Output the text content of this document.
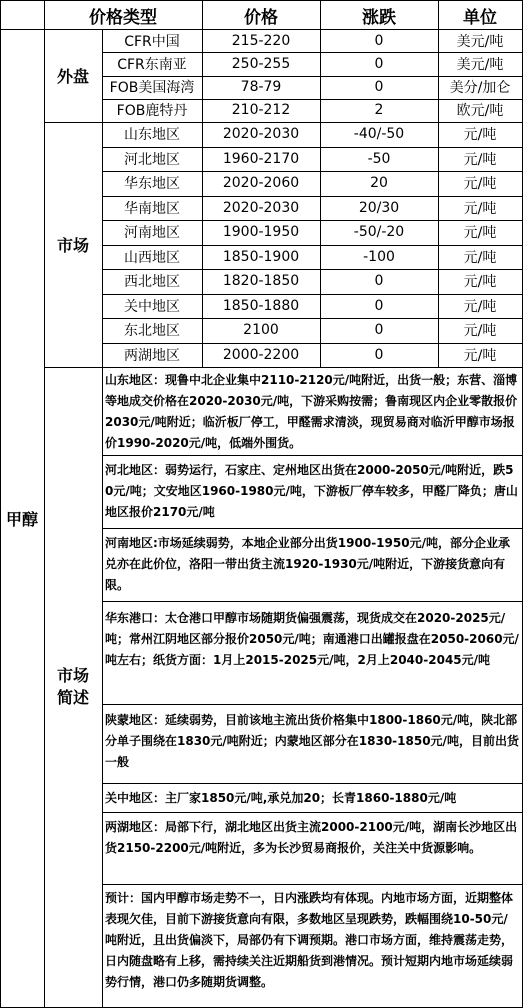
价格类型	价格	涨跌	单位
甲醇
外盘
市场
市场
简述
CFR中国	215-220	0	美元/吨
CFR东南亚	250-255	0	美元/吨
FOB美国海湾	78-79	0	美分/加仑
FOB鹿特丹	210-212	2	欧元/吨
山东地区	2020-2030	-40/-50	元/吨
河北地区	1960-2170	-50	元/吨
华东地区	2020-2060	20	元/吨
华南地区	2020-2030	20/30	元/吨
河南地区	1900-1950	-50/-20	元/吨
山西地区	1850-1900	-100	元/吨
西北地区	1820-1850	0	元/吨
关中地区	1850-1880	0	元/吨
东北地区	2100	0	元/吨
两湖地区	2000-2200	0	元/吨
山东地区：现鲁中北企业集中2110-2120元/吨附近，出货一般；东营、淄博等地成交价格在2020-2030元/吨，下游采购按需；鲁南现区内企业零散报价2030元/吨附近；临沂板厂停工，甲醛需求清淡，现贸易商对临沂甲醇市场报价1990-2020元/吨，低端外围货。
河北地区：弱势运行，石家庄、定州地区出货在2000-2050元/吨附近，跌50元/吨；文安地区1960-1980元/吨，下游板厂停车较多，甲醛厂降负；唐山地区报价2170元/吨
河南地区:市场延续弱势，本地企业部分出货1900-1950元/吨，部分企业承兑亦在此价位，洛阳一带出货主流1920-1930元/吨附近，下游接货意向有限。
华东港口：太仓港口甲醇市场随期货偏强震荡，现货成交在2020-2025元/吨；常州江阴地区部分报价2050元/吨；南通港口出罐报盘在2050-2060元/吨左右；纸货方面：1月上2015-2025元/吨，2月上2040-2045元/吨
陕蒙地区：延续弱势，目前该地主流出货价格集中1800-1860元/吨，陕北部分单子围绕在1830元/吨附近；内蒙地区部分在1830-1850元/吨，目前出货一般
关中地区：主厂家1850元/吨,承兑加20；长青1860-1880元/吨
两湖地区：局部下行，湖北地区出货主流2000-2100元/吨，湖南长沙地区出货2150-2200元/吨附近，多为长沙贸易商报价，关注关中货源影响。
预计：国内甲醇市场走势不一，日内涨跌均有体现。内地市场方面，近期整体表现欠佳，目前下游接货意向有限，多数地区呈现跌势，跌幅围绕10-50元/吨附近，且出货偏淡下，局部仍有下调预期。港口市场方面，维持震荡走势，日内随盘略有上移，需持续关注近期船货到港情况。预计短期内地市场延续弱势行情，港口仍多随期货调整。
